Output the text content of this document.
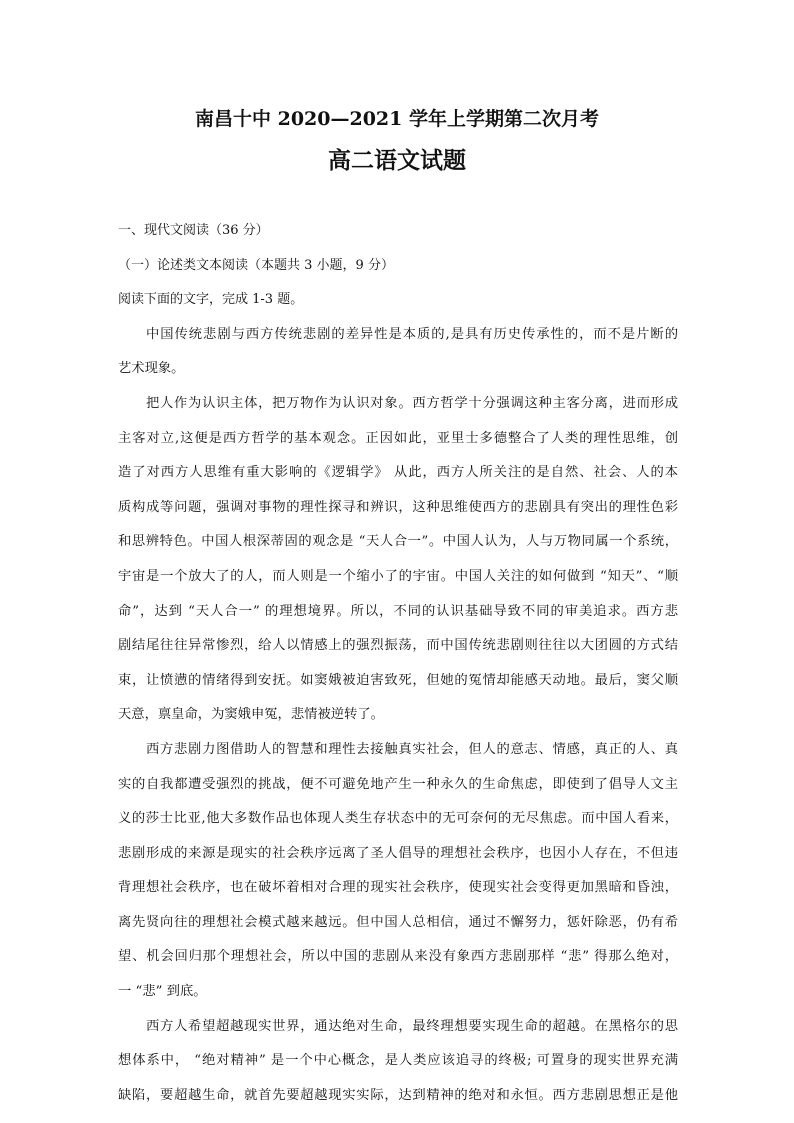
南昌十中 2020—2021 学年上学期第二次月考
高二语文试题
一、现代文阅读（36 分）
（一）论述类文本阅读（本题共 3 小题，9 分）
阅读下面的文字，完成 1-3 题。
中国传统悲剧与西方传统悲剧的差异性是本质的,是具有历史传承性的，而不是片断的
艺术现象。
把人作为认识主体，把万物作为认识对象。西方哲学十分强调这种主客分离，进而形成
主客对立,这便是西方哲学的基本观念。正因如此，亚里士多德整合了人类的理性思维，创
造了对西方人思维有重大影响的《逻辑学》 从此，西方人所关注的是自然、社会、人的本
质构成等问题，强调对事物的理性探寻和辨识，这种思维使西方的悲剧具有突出的理性色彩
和思辨特色。中国人根深蒂固的观念是 “天人合一”。中国人认为，人与万物同属一个系统，
宇宙是一个放大了的人，而人则是一个缩小了的宇宙。中国人关注的如何做到 “知天”、“顺
命”，达到 “天人合一” 的理想境界。所以，不同的认识基础导致不同的审美追求。西方悲
剧结尾往往异常惨烈，给人以情感上的强烈振荡，而中国传统悲剧则往往以大团圆的方式结
束，让愤懑的情绪得到安抚。如窦娥被迫害致死，但她的冤情却能感天动地。最后，窦父顺
天意，禀皇命，为窦娥申冤，悲情被逆转了。
西方悲剧力图借助人的智慧和理性去接触真实社会，但人的意志、情感，真正的人、真
实的自我都遭受强烈的挑战，便不可避免地产生一种永久的生命焦虑，即使到了倡导人文主
义的莎士比亚,他大多数作品也体现人类生存状态中的无可奈何的无尽焦虑。而中国人看来，
悲剧形成的来源是现实的社会秩序远离了圣人倡导的理想社会秩序，也因小人存在，不但违
背理想社会秩序，也在破坏着相对合理的现实社会秩序，使现实社会变得更加黑暗和昏浊，
离先贤向往的理想社会模式越来越远。但中国人总相信，通过不懈努力，惩奸除恶，仍有希
望、机会回归那个理想社会，所以中国的悲剧从来没有象西方悲剧那样 “悲” 得那么绝对，
一 “悲” 到底。
西方人希望超越现实世界，通达绝对生命，最终理想要实现生命的超越。在黑格尔的思
想体系中， “绝对精神” 是一个中心概念，是人类应该追寻的终极; 可置身的现实世界充满
缺陷，要超越生命，就首先要超越现实实际，达到精神的绝对和永恒。西方悲剧思想正是他
